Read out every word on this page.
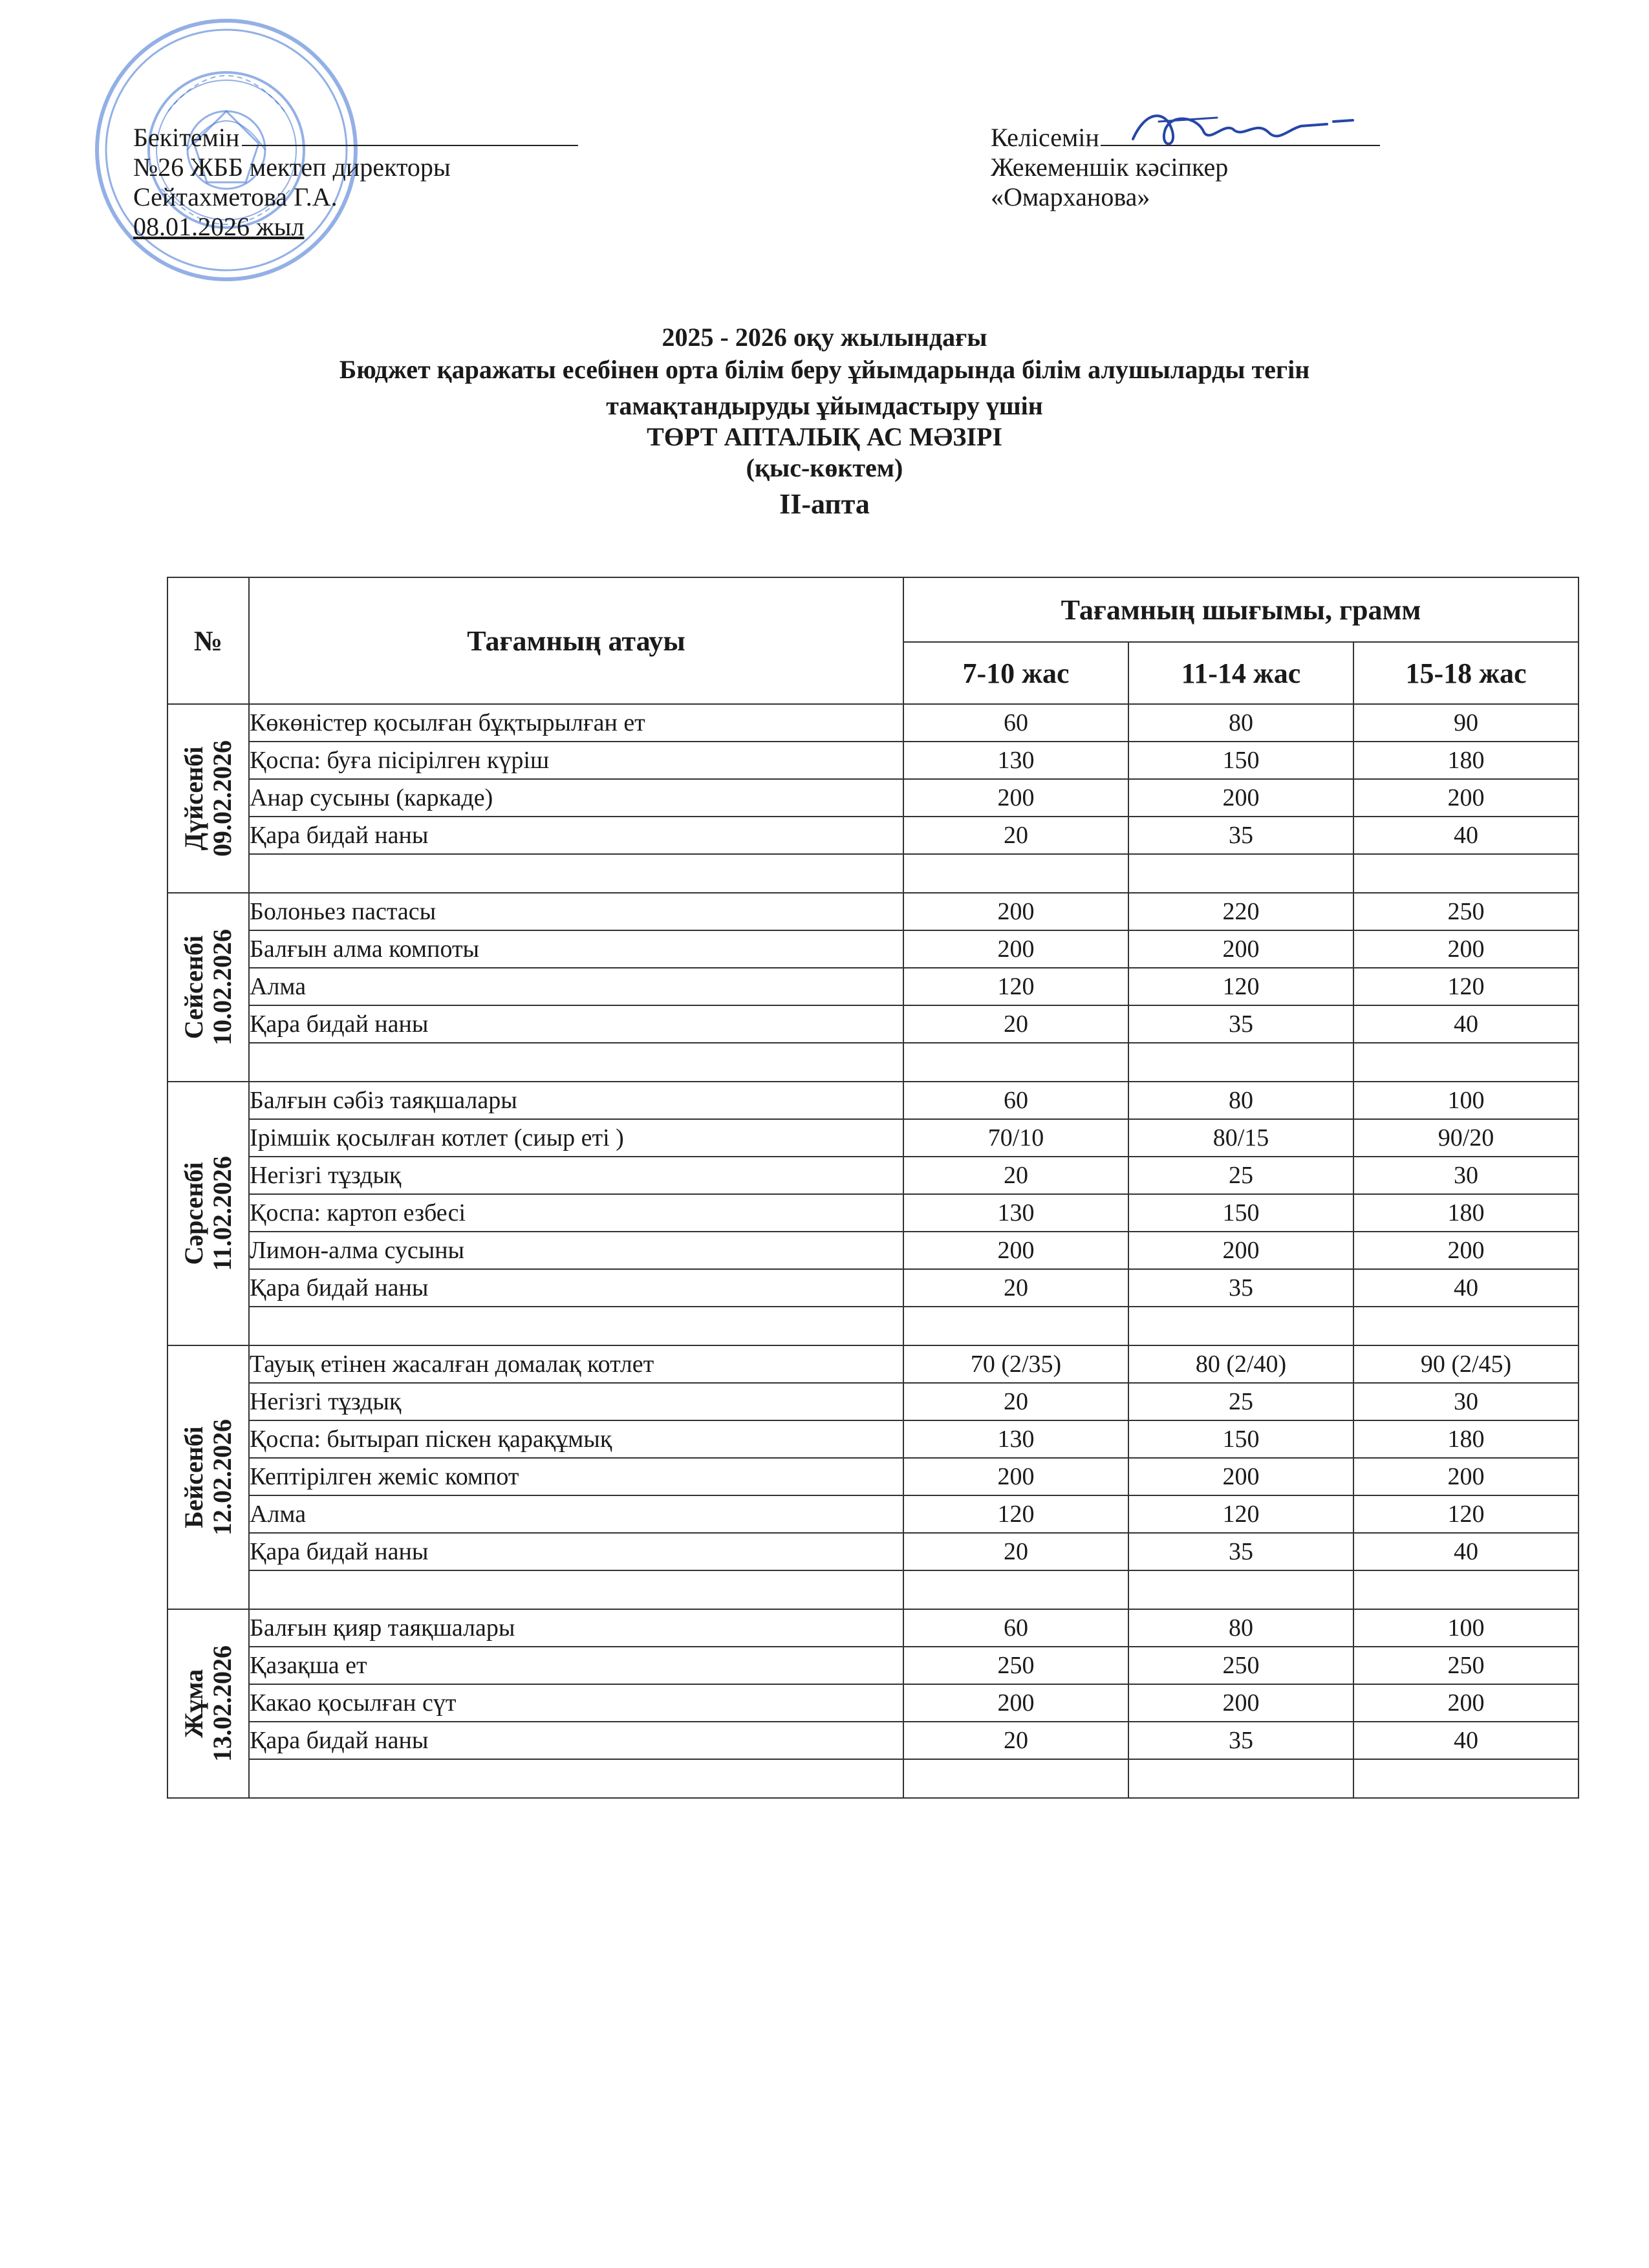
Бекітемін
№26 ЖББ мектеп директоры
Сейтахметова Г.А.
08.01.2026 жыл
Келісемін
Жекеменшік кәсіпкер
«Омарханова»
2025 - 2026 оқу жылындағы
Бюджет қаражаты есебінен орта білім беру ұйымдарында білім алушыларды тегін
тамақтандыруды ұйымдастыру үшін
ТӨРТ АПТАЛЫҚ АС МӘЗІРІ
(қыс-көктем)
II-апта
№	Тағамның атауы	Тағамның шығымы, грамм		
		7-10 жас	11-14 жас	15-18 жас

Дүйсенбі 09.02.2026	Көкөністер қосылған бұқтырылған ет	60	80	90
	Қоспа: буға пісірілген күріш	130	150	180
	Анар сусыны (каркаде)	200	200	200
	Қара бидай наны	20	35	40

Сейсенбі 10.02.2026	Болоньез пастасы	200	220	250
	Балғын алма компоты	200	200	200
	Алма	120	120	120
	Қара бидай наны	20	35	40

Сәрсенбі 11.02.2026	Балғын сәбіз таяқшалары	60	80	100
	Ірімшік қосылған котлет (сиыр еті )	70/10	80/15	90/20
	Негізгі тұздық	20	25	30
	Қоспа: картоп езбесі	130	150	180
	Лимон-алма сусыны	200	200	200
	Қара бидай наны	20	35	40

Бейсенбі 12.02.2026	Тауық етінен жасалған домалақ котлет	70 (2/35)	80 (2/40)	90 (2/45)
	Негізгі тұздық	20	25	30
	Қоспа: бытырап піскен қарақұмық	130	150	180
	Кептірілген жеміс компот	200	200	200
	Алма	120	120	120
	Қара бидай наны	20	35	40

Жұма 13.02.2026	Балғын қияр таяқшалары	60	80	100
	Қазақша ет	250	250	250
	Какао қосылған сүт	200	200	200
	Қара бидай наны	20	35	40
